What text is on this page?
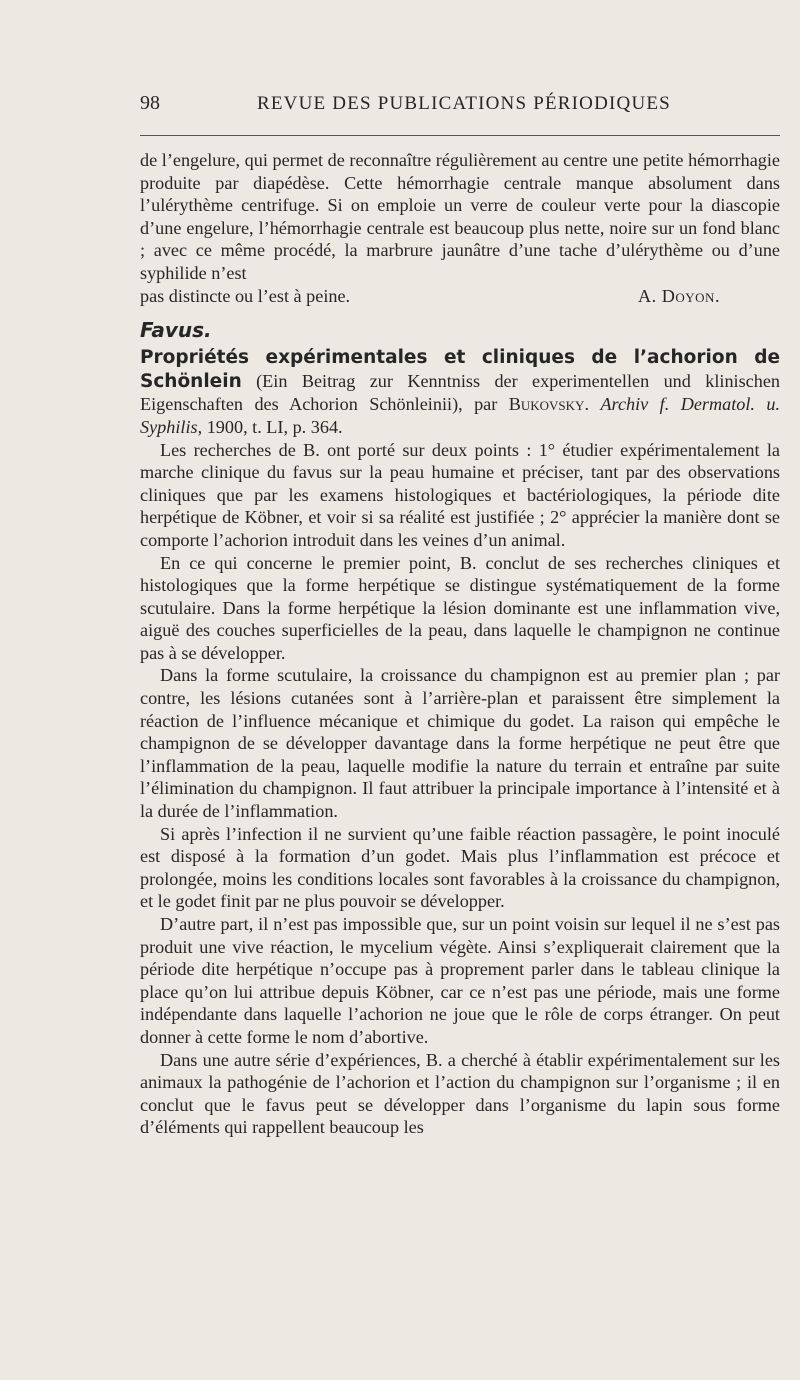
98	REVUE DES PUBLICATIONS PÉRIODIQUES

de l’engelure, qui permet de reconnaître régulièrement au centre une petite hémorrhagie produite par diapédèse. Cette hémorrhagie centrale manque absolument dans l’ulérythème centrifuge. Si on emploie un verre de couleur verte pour la diascopie d’une engelure, l’hémorrhagie centrale est beaucoup plus nette, noire sur un fond blanc ; avec ce même procédé, la marbrure jaunâtre d’une tache d’ulérythème ou d’une syphilide n’est

pas distincte ou l’est à peine.	A. Doyon.
Favus.

Propriétés expérimentales et cliniques de l’achorion de
Schönlein (Ein Beitrag zur Kenntniss der experimentellen und klinischen Eigenschaften des Achorion Schönleinii), par Bukovsky. Archiv f. Dermatol. u. Syphilis, 1900, t. LI, p. 364.

Les recherches de B. ont porté sur deux points : 1° étudier expérimentalement la marche clinique du favus sur la peau humaine et préciser, tant par des observations cliniques que par les examens histologiques et bactériologiques, la période dite herpétique de Köbner, et voir si sa réalité est justifiée ; 2° apprécier la manière dont se comporte l’achorion introduit dans les veines d’un animal.

En ce qui concerne le premier point, B. conclut de ses recherches cliniques et histologiques que la forme herpétique se distingue systématiquement de la forme scutulaire. Dans la forme herpétique la lésion dominante est une inflammation vive, aiguë des couches superficielles de la peau, dans laquelle le champignon ne continue pas à se développer.

Dans la forme scutulaire, la croissance du champignon est au premier plan ; par contre, les lésions cutanées sont à l’arrière-plan et paraissent être simplement la réaction de l’influence mécanique et chimique du godet. La raison qui empêche le champignon de se développer davantage dans la forme herpétique ne peut être que l’inflammation de la peau, laquelle modifie la nature du terrain et entraîne par suite l’élimination du champignon. Il faut attribuer la principale importance à l’intensité et à la durée de l’inflammation.

Si après l’infection il ne survient qu’une faible réaction passagère, le point inoculé est disposé à la formation d’un godet. Mais plus l’inflammation est précoce et prolongée, moins les conditions locales sont favorables à la croissance du champignon, et le godet finit par ne plus pouvoir se développer.

D’autre part, il n’est pas impossible que, sur un point voisin sur lequel il ne s’est pas produit une vive réaction, le mycelium végète. Ainsi s’expliquerait clairement que la période dite herpétique n’occupe pas à proprement parler dans le tableau clinique la place qu’on lui attribue depuis Köbner, car ce n’est pas une période, mais une forme indépendante dans laquelle l’achorion ne joue que le rôle de corps étranger. On peut donner à cette forme le nom d’abortive.

Dans une autre série d’expériences, B. a cherché à établir expérimentalement sur les animaux la pathogénie de l’achorion et l’action du champignon sur l’organisme ; il en conclut que le favus peut se développer dans l’organisme du lapin sous forme d’éléments qui rappellent beaucoup les
